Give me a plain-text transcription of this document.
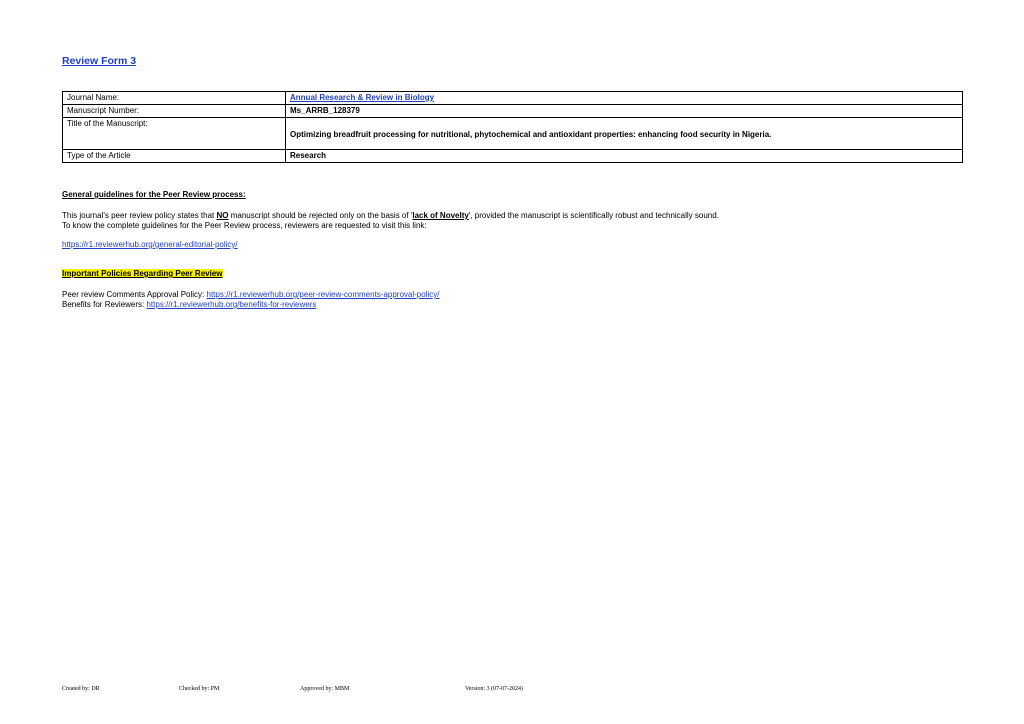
Review Form 3
Journal Name:	Annual Research & Review in Biology
Manuscript Number:	Ms_ARRB_128379
Title of the Manuscript:	Optimizing breadfruit processing for nutritional, phytochemical and antioxidant properties: enhancing food security in Nigeria.
Type of the Article	Research
General guidelines for the Peer Review process:
This journal's peer review policy states that NO manuscript should be rejected only on the basis of 'lack of Novelty', provided the manuscript is scientifically robust and technically sound.
To know the complete guidelines for the Peer Review process, reviewers are requested to visit this link:
https://r1.reviewerhub.org/general-editorial-policy/
Important Policies Regarding Peer Review
Peer review Comments Approval Policy: https://r1.reviewerhub.org/peer-review-comments-approval-policy/
Benefits for Reviewers: https://r1.reviewerhub.org/benefits-for-reviewers
Created by: DR	Checked by: PM	Approved by: MBM	Version: 3 (07-07-2024)
